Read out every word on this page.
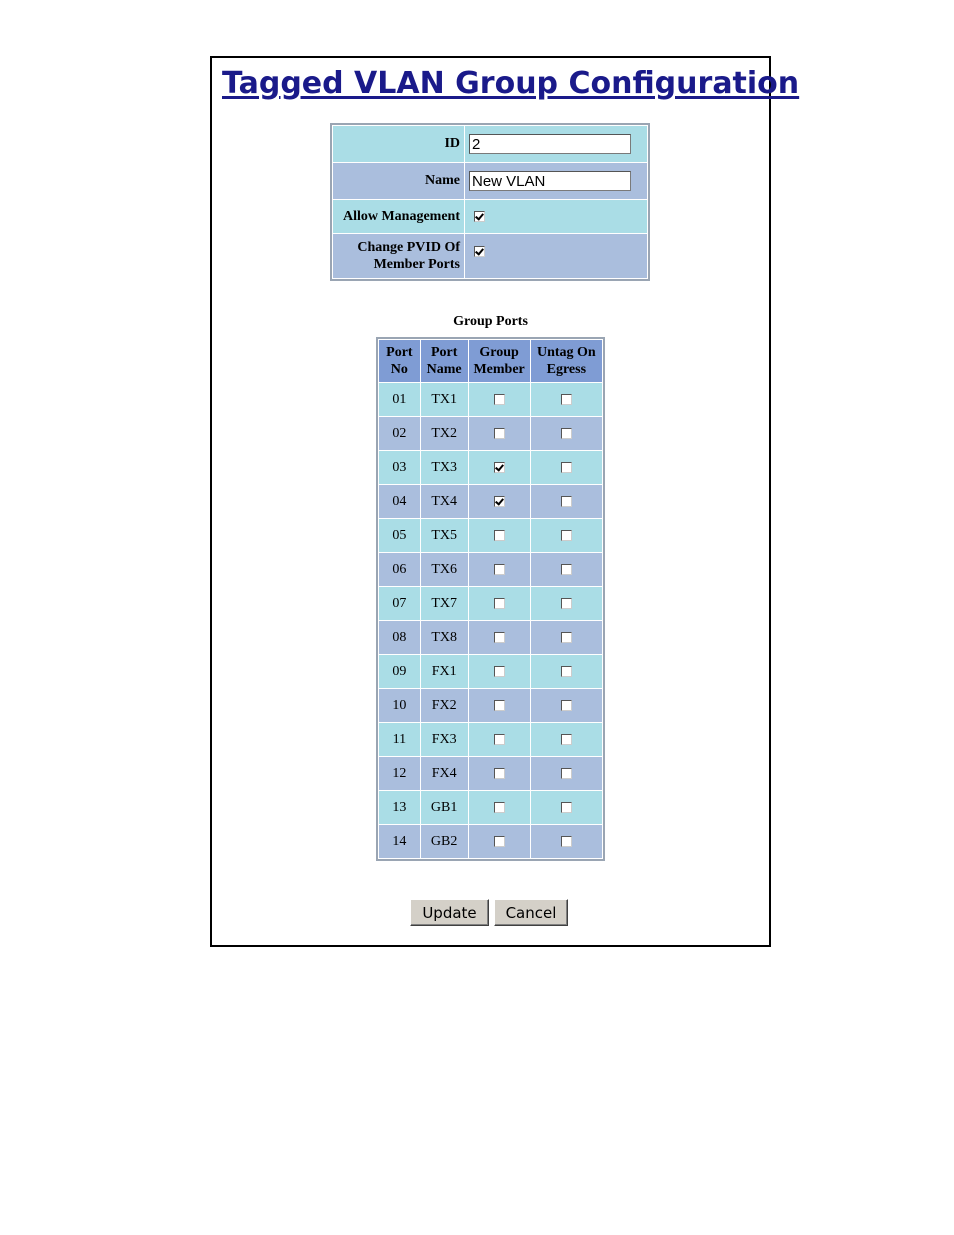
Tagged VLAN Group Configuration
ID	2
Name	New VLAN
Allow Management	
Change PVID Of Member Ports	
Group Ports
Port No	Port Name	Group Member	Untag On Egress
01	TX1		
02	TX2		
03	TX3		
04	TX4		
05	TX5		
06	TX6		
07	TX7		
08	TX8		
09	FX1		
10	FX2		
11	FX3		
12	FX4		
13	GB1		
14	GB2		
Update	Cancel
